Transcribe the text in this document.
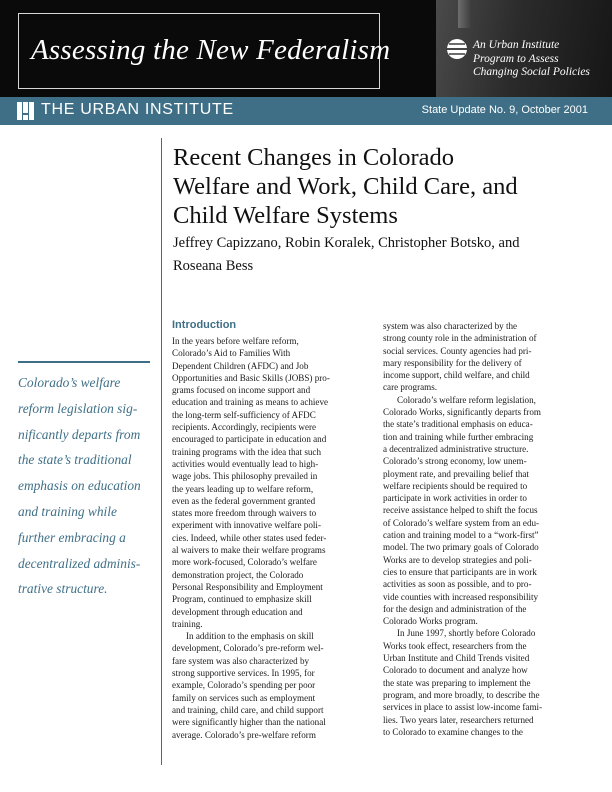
Assessing the New Federalism	An Urban Institute
Program to Assess
Changing Social Policies
THE URBAN INSTITUTE	State Update No. 9, October 2001
Recent Changes in Colorado
Welfare and Work, Child Care, and
Child Welfare Systems
Jeffrey Capizzano, Robin Koralek, Christopher Botsko, and
Roseana Bess
Colorado’s welfare
reform legislation sig-
nificantly departs from
the state’s traditional
emphasis on education
and training while
further embracing a
decentralized adminis-
trative structure.
Introduction
In the years before welfare reform,
Colorado’s Aid to Families With
Dependent Children (AFDC) and Job
Opportunities and Basic Skills (JOBS) pro-
grams focused on income support and
education and training as means to achieve
the long-term self-sufficiency of AFDC
recipients. Accordingly, recipients were
encouraged to participate in education and
training programs with the idea that such
activities would eventually lead to high-
wage jobs. This philosophy prevailed in
the years leading up to welfare reform,
even as the federal government granted
states more freedom through waivers to
experiment with innovative welfare poli-
cies. Indeed, while other states used feder-
al waivers to make their welfare programs
more work-focused, Colorado’s welfare
demonstration project, the Colorado
Personal Responsibility and Employment
Program, continued to emphasize skill
development through education and
training.
In addition to the emphasis on skill
development, Colorado’s pre-reform wel-
fare system was also characterized by
strong supportive services. In 1995, for
example, Colorado’s spending per poor
family on services such as employment
and training, child care, and child support
were significantly higher than the national
average. Colorado’s pre-welfare reform
system was also characterized by the
strong county role in the administration of
social services. County agencies had pri-
mary responsibility for the delivery of
income support, child welfare, and child
care programs.
Colorado’s welfare reform legislation,
Colorado Works, significantly departs from
the state’s traditional emphasis on educa-
tion and training while further embracing
a decentralized administrative structure.
Colorado’s strong economy, low unem-
ployment rate, and prevailing belief that
welfare recipients should be required to
participate in work activities in order to
receive assistance helped to shift the focus
of Colorado’s welfare system from an edu-
cation and training model to a “work-first”
model. The two primary goals of Colorado
Works are to develop strategies and poli-
cies to ensure that participants are in work
activities as soon as possible, and to pro-
vide counties with increased responsibility
for the design and administration of the
Colorado Works program.
In June 1997, shortly before Colorado
Works took effect, researchers from the
Urban Institute and Child Trends visited
Colorado to document and analyze how
the state was preparing to implement the
program, and more broadly, to describe the
services in place to assist low-income fami-
lies. Two years later, researchers returned
to Colorado to examine changes to the
